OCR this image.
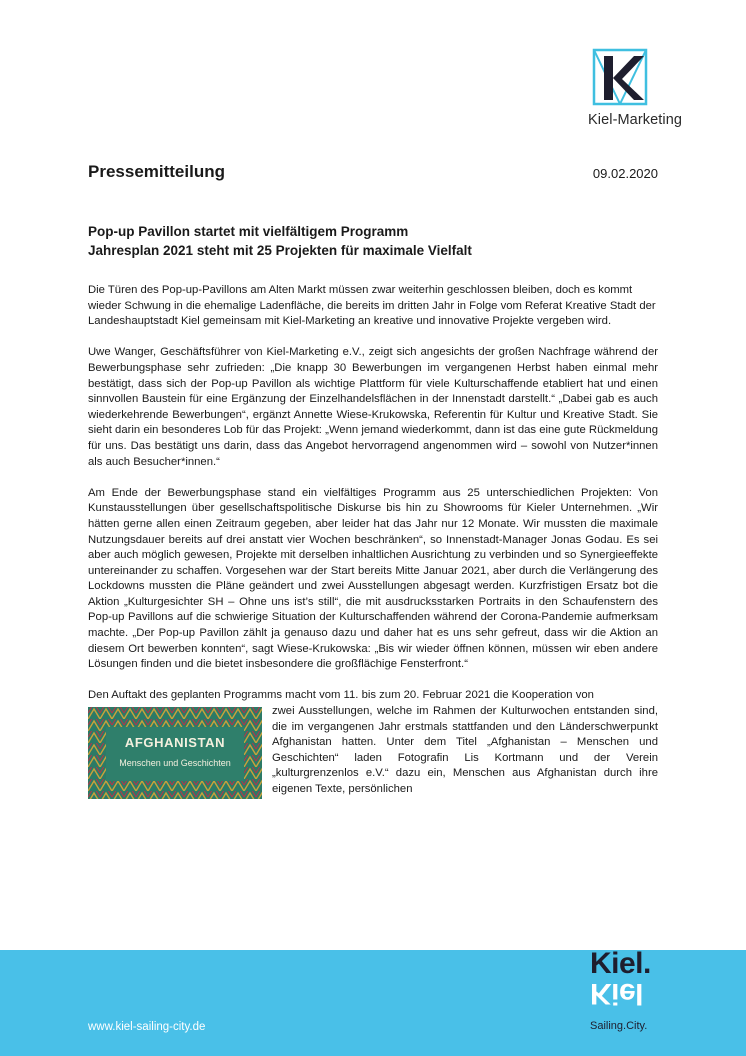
Kiel-Marketing
Pressemitteilung	09.02.2020
Pop-up Pavillon startet mit vielfältigem Programm
Jahresplan 2021 steht mit 25 Projekten für maximale Vielfalt

Die Türen des Pop-up-Pavillons am Alten Markt müssen zwar weiterhin geschlossen bleiben, doch es kommt wieder Schwung in die ehemalige Ladenfläche, die bereits im dritten Jahr in Folge vom Referat Kreative Stadt der Landeshauptstadt Kiel gemeinsam mit Kiel-Marketing an kreative und innovative Projekte vergeben wird.

Uwe Wanger, Geschäftsführer von Kiel-Marketing e.V., zeigt sich angesichts der großen Nachfrage während der Bewerbungsphase sehr zufrieden: „Die knapp 30 Bewerbungen im vergangenen Herbst haben einmal mehr bestätigt, dass sich der Pop-up Pavillon als wichtige Plattform für viele Kulturschaffende etabliert hat und einen sinnvollen Baustein für eine Ergänzung der Einzelhandelsflächen in der Innenstadt darstellt.“ „Dabei gab es auch wiederkehrende Bewerbungen“, ergänzt Annette Wiese-Krukowska, Referentin für Kultur und Kreative Stadt. Sie sieht darin ein besonderes Lob für das Projekt: „Wenn jemand wiederkommt, dann ist das eine gute Rückmeldung für uns. Das bestätigt uns darin, dass das Angebot hervorragend angenommen wird – sowohl von Nutzer*innen als auch Besucher*innen.“

Am Ende der Bewerbungsphase stand ein vielfältiges Programm aus 25 unterschiedlichen Projekten: Von Kunstausstellungen über gesellschaftspolitische Diskurse bis hin zu Showrooms für Kieler Unternehmen. „Wir hätten gerne allen einen Zeitraum gegeben, aber leider hat das Jahr nur 12 Monate. Wir mussten die maximale Nutzungsdauer bereits auf drei anstatt vier Wochen beschränken“, so Innenstadt-Manager Jonas Godau. Es sei aber auch möglich gewesen, Projekte mit derselben inhaltlichen Ausrichtung zu verbinden und so Synergieeffekte untereinander zu schaffen. Vorgesehen war der Start bereits Mitte Januar 2021, aber durch die Verlängerung des Lockdowns mussten die Pläne geändert und zwei Ausstellungen abgesagt werden. Kurzfristigen Ersatz bot die Aktion „Kulturgesichter SH – Ohne uns ist’s still“, die mit ausdrucksstarken Portraits in den Schaufenstern des Pop-up Pavillons auf die schwierige Situation der Kulturschaffenden während der Corona-Pandemie aufmerksam machte. „Der Pop-up Pavillon zählt ja genauso dazu und daher hat es uns sehr gefreut, dass wir die Aktion an diesem Ort bewerben konnten“, sagt Wiese-Krukowska: „Bis wir wieder öffnen können, müssen wir eben andere Lösungen finden und die bietet insbesondere die großflächige Fensterfront.“

Den Auftakt des geplanten Programms macht vom 11. bis zum 20. Februar 2021 die Kooperation von
AFGHANISTAN
Menschen und Geschichten
zwei Ausstellungen, welche im Rahmen der Kulturwochen entstanden sind, die im vergangenen Jahr erstmals stattfanden und den Länderschwerpunkt Afghanistan hatten. Unter dem Titel „Afghanistan – Menschen und Geschichten“ laden Fotografin Lis Kortmann und der Verein „kulturgrenzenlos e.V.“ dazu ein, Menschen aus Afghanistan durch ihre eigenen Texte, persönlichen
www.kiel-sailing-city.de
Kiel.
Kiel
Sailing.City.
